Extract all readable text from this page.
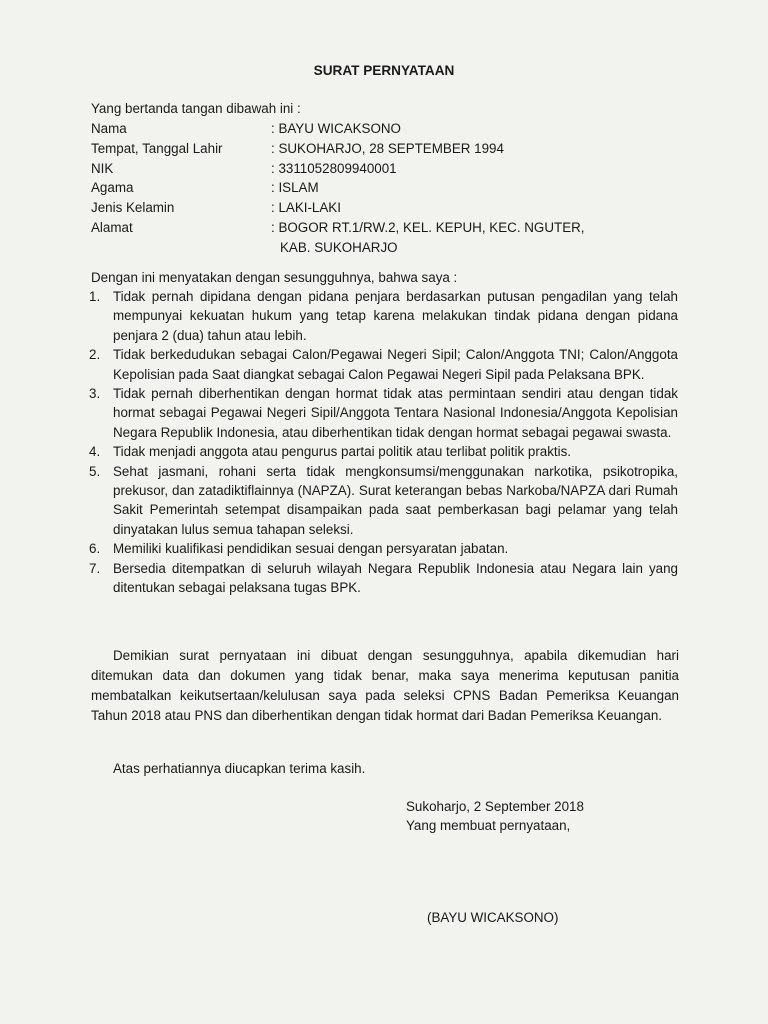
SURAT PERNYATAAN
Yang bertanda tangan dibawah ini :
Nama	: BAYU WICAKSONO
Tempat, Tanggal Lahir	: SUKOHARJO, 28 SEPTEMBER 1994
NIK	: 3311052809940001
Agama	: ISLAM
Jenis Kelamin	: LAKI-LAKI
Alamat	: BOGOR RT.1/RW.2, KEL. KEPUH, KEC. NGUTER,
KAB. SUKOHARJO
Dengan ini menyatakan dengan sesungguhnya, bahwa saya :
1. Tidak pernah dipidana dengan pidana penjara berdasarkan putusan pengadilan yang telah mempunyai kekuatan hukum yang tetap karena melakukan tindak pidana dengan pidana penjara 2 (dua) tahun atau lebih.
2. Tidak berkedudukan sebagai Calon/Pegawai Negeri Sipil; Calon/Anggota TNI; Calon/Anggota Kepolisian pada Saat diangkat sebagai Calon Pegawai Negeri Sipil pada Pelaksana BPK.
3. Tidak pernah diberhentikan dengan hormat tidak atas permintaan sendiri atau dengan tidak hormat sebagai Pegawai Negeri Sipil/Anggota Tentara Nasional Indonesia/Anggota Kepolisian Negara Republik Indonesia, atau diberhentikan tidak dengan hormat sebagai pegawai swasta.
4. Tidak menjadi anggota atau pengurus partai politik atau terlibat politik praktis.
5. Sehat jasmani, rohani serta tidak mengkonsumsi/menggunakan narkotika, psikotropika, prekusor, dan zatadiktiflainnya (NAPZA). Surat keterangan bebas Narkoba/NAPZA dari Rumah Sakit Pemerintah setempat disampaikan pada saat pemberkasan bagi pelamar yang telah dinyatakan lulus semua tahapan seleksi.
6. Memiliki kualifikasi pendidikan sesuai dengan persyaratan jabatan.
7. Bersedia ditempatkan di seluruh wilayah Negara Republik Indonesia atau Negara lain yang ditentukan sebagai pelaksana tugas BPK.
Demikian surat pernyataan ini dibuat dengan sesungguhnya, apabila dikemudian hari ditemukan data dan dokumen yang tidak benar, maka saya menerima keputusan panitia membatalkan keikutsertaan/kelulusan saya pada seleksi CPNS Badan Pemeriksa Keuangan Tahun 2018 atau PNS dan diberhentikan dengan tidak hormat dari Badan Pemeriksa Keuangan.
Atas perhatiannya diucapkan terima kasih.
Sukoharjo, 2 September 2018
Yang membuat pernyataan,
(BAYU WICAKSONO)
